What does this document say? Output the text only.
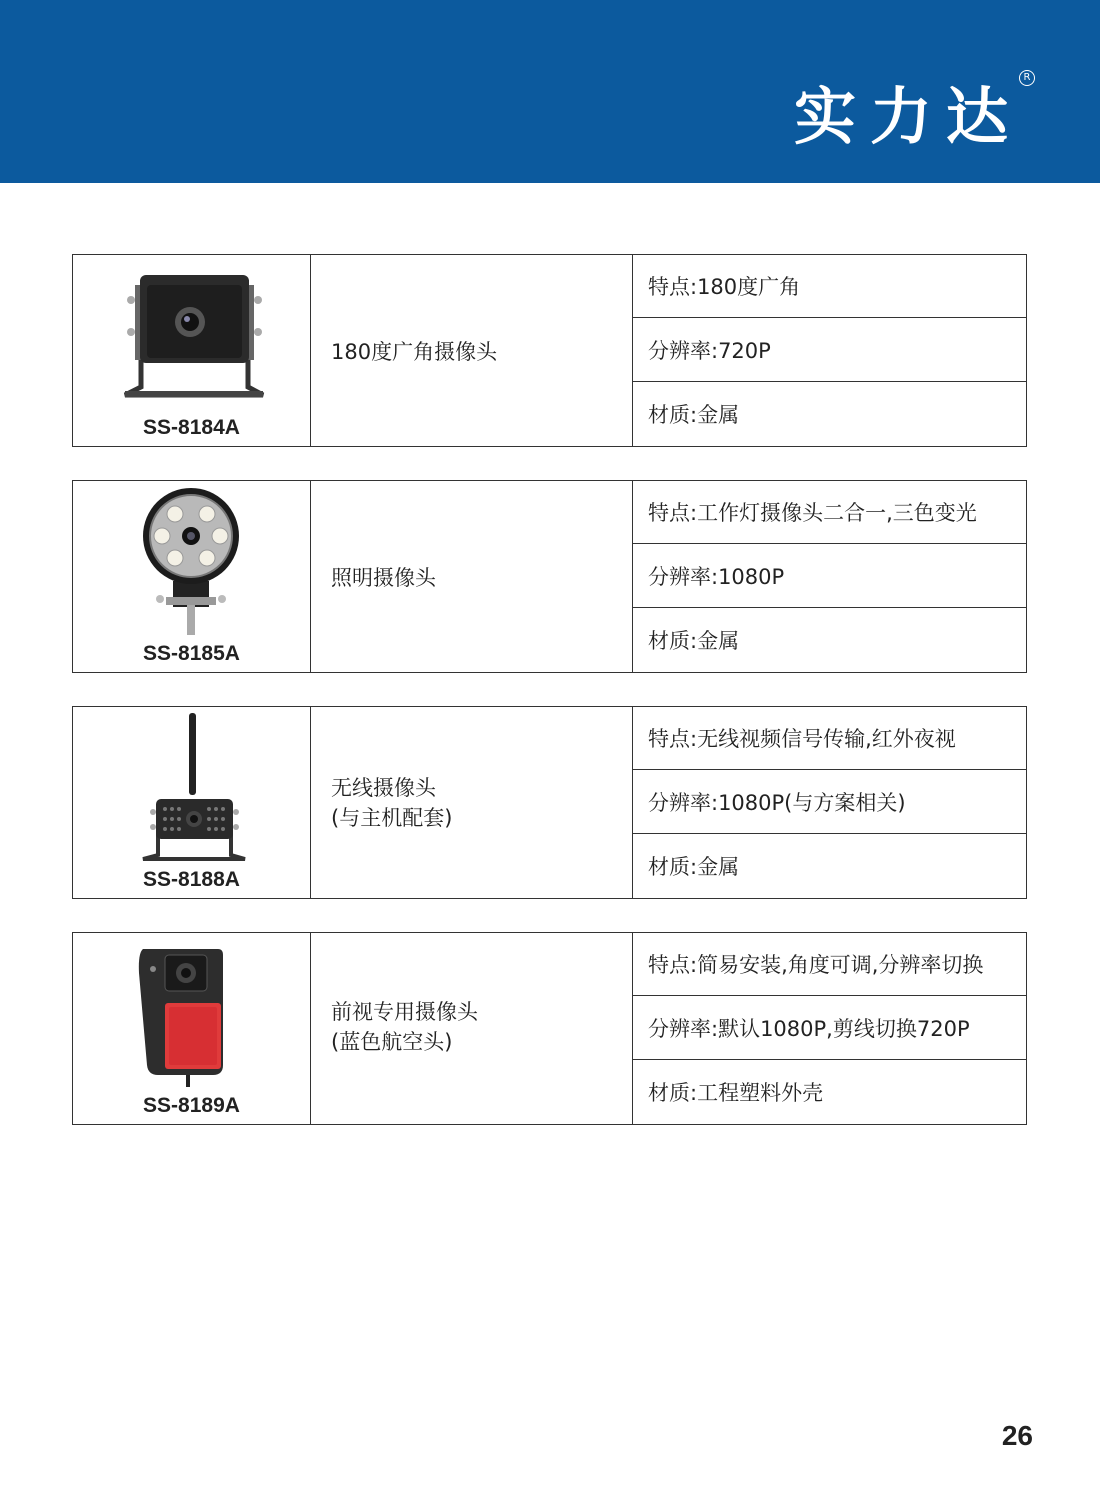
实力达
R
SS-8184A
180度广角摄像头
特点:180度广角
分辨率:720P
材质:金属
SS-8185A
照明摄像头
特点:工作灯摄像头二合一,三色变光
分辨率:1080P
材质:金属
SS-8188A
无线摄像头
(与主机配套)
特点:无线视频信号传输,红外夜视
分辨率:1080P(与方案相关)
材质:金属
SS-8189A
前视专用摄像头
(蓝色航空头)
特点:简易安装,角度可调,分辨率切换
分辨率:默认1080P,剪线切换720P
材质:工程塑料外壳
26
